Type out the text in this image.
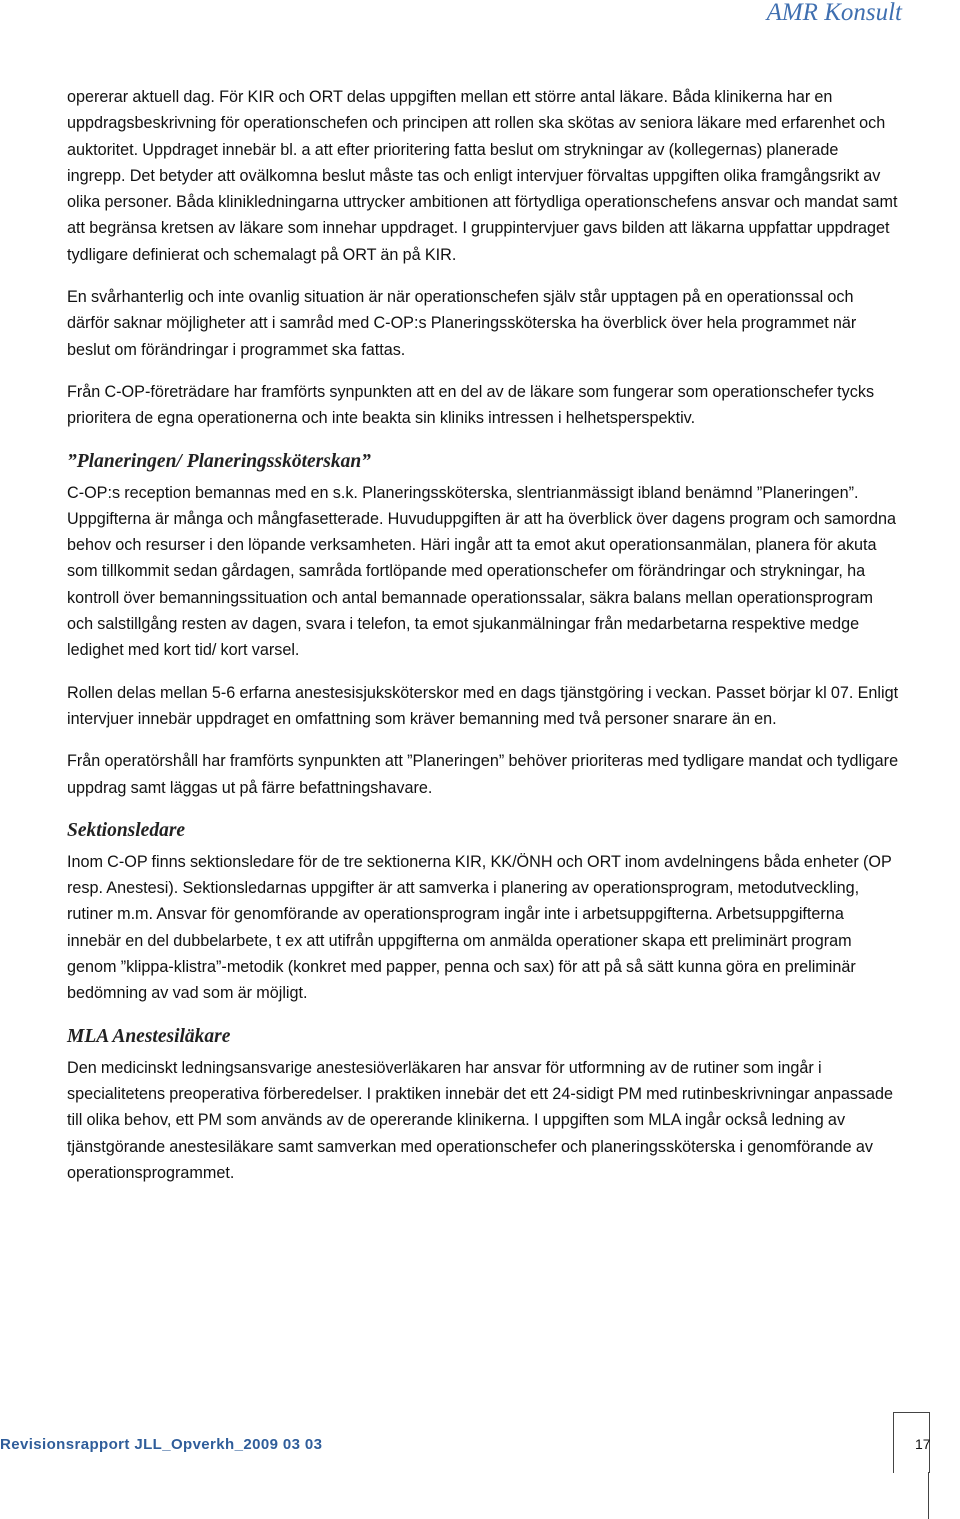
AMR Konsult

opererar aktuell dag. För KIR och ORT delas uppgiften mellan ett större antal läkare. Båda klinikerna har en uppdragsbeskrivning för operationschefen och principen att rollen ska skötas av seniora läkare med erfarenhet och auktoritet. Uppdraget innebär bl. a att efter prioritering fatta beslut om strykningar av (kollegernas) planerade ingrepp. Det betyder att ovälkomna beslut måste tas och enligt intervjuer förvaltas uppgiften olika framgångsrikt av olika personer. Båda klinikledningarna uttrycker ambitionen att förtydliga operationschefens ansvar och mandat samt att begränsa kretsen av läkare som innehar uppdraget. I gruppintervjuer gavs bilden att läkarna uppfattar uppdraget tydligare definierat och schemalagt på ORT än på KIR.

En svårhanterlig och inte ovanlig situation är när operationschefen själv står upptagen på en operationssal och därför saknar möjligheter att i samråd med C-OP:s Planeringssköterska ha överblick över hela programmet när beslut om förändringar i programmet ska fattas.

Från C-OP-företrädare har framförts synpunkten att en del av de läkare som fungerar som operationschefer tycks prioritera de egna operationerna och inte beakta sin kliniks intressen i helhetsperspektiv.

”Planeringen/ Planeringssköterskan”

C-OP:s reception bemannas med en s.k. Planeringssköterska, slentrianmässigt ibland benämnd ”Planeringen”. Uppgifterna är många och mångfasetterade. Huvuduppgiften är att ha överblick över dagens program och samordna behov och resurser i den löpande verksamheten. Häri ingår att ta emot akut operationsanmälan, planera för akuta som tillkommit sedan gårdagen, samråda fortlöpande med operationschefer om förändringar och strykningar, ha kontroll över bemanningssituation och antal bemannade operationssalar, säkra balans mellan operationsprogram och salstillgång resten av dagen, svara i telefon, ta emot sjukanmälningar från medarbetarna respektive medge ledighet med kort tid/ kort varsel.

Rollen delas mellan 5-6 erfarna anestesisjuksköterskor med en dags tjänstgöring i veckan. Passet börjar kl 07. Enligt intervjuer innebär uppdraget en omfattning som kräver bemanning med två personer snarare än en.

Från operatörshåll har framförts synpunkten att ”Planeringen” behöver prioriteras med tydligare mandat och tydligare uppdrag samt läggas ut på färre befattningshavare.

Sektionsledare

Inom C-OP finns sektionsledare för de tre sektionerna KIR, KK/ÖNH och ORT inom avdelningens båda enheter (OP resp. Anestesi). Sektionsledarnas uppgifter är att samverka i planering av operationsprogram, metodutveckling, rutiner m.m. Ansvar för genomförande av operationsprogram ingår inte i arbetsuppgifterna. Arbetsuppgifterna innebär en del dubbelarbete, t ex att utifrån uppgifterna om anmälda operationer skapa ett preliminärt program genom ”klippa-klistra”-metodik (konkret med papper, penna och sax) för att på så sätt kunna göra en preliminär bedömning av vad som är möjligt.

MLA Anestesiläkare

Den medicinskt ledningsansvarige anestesiöverläkaren har ansvar för utformning av de rutiner som ingår i specialitetens preoperativa förberedelser. I praktiken innebär det ett 24-sidigt PM med rutinbeskrivningar anpassade till olika behov, ett PM som används av de opererande klinikerna. I uppgiften som MLA ingår också ledning av tjänstgörande anestesiläkare samt samverkan med operationschefer och planeringssköterska i genomförande av operationsprogrammet.

Revisionsrapport JLL_Opverkh_2009 03 03	17
